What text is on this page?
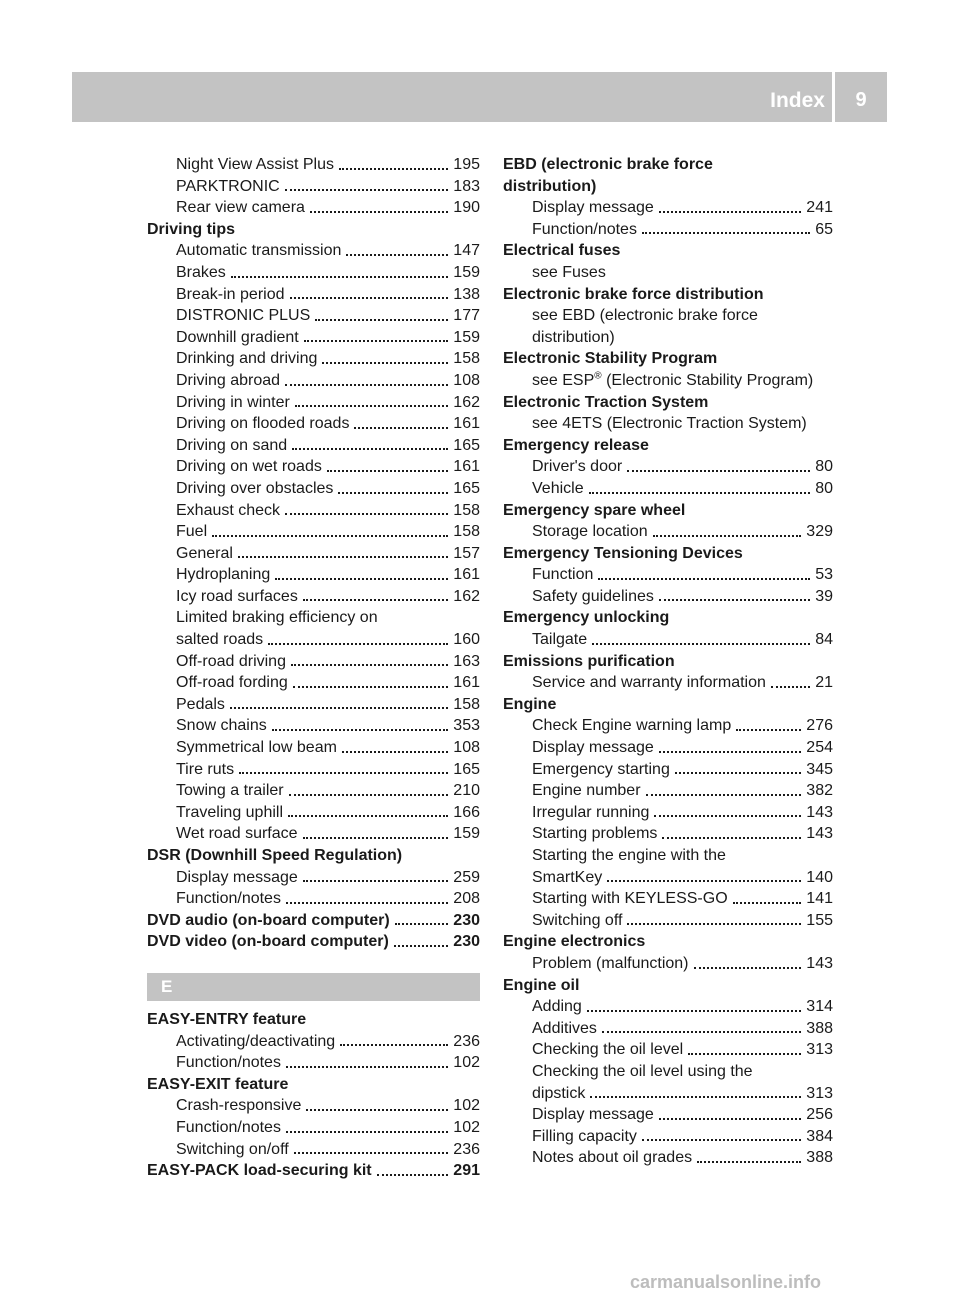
Index	9
Night View Assist Plus	195
PARKTRONIC	183
Rear view camera	190
Driving tips
Automatic transmission	147
Brakes	159
Break-in period	138
DISTRONIC PLUS	177
Downhill gradient	159
Drinking and driving	158
Driving abroad	108
Driving in winter	162
Driving on flooded roads	161
Driving on sand	165
Driving on wet roads	161
Driving over obstacles	165
Exhaust check	158
Fuel	158
General	157
Hydroplaning	161
Icy road surfaces	162
Limited braking efficiency on
salted roads	160
Off-road driving	163
Off-road fording	161
Pedals	158
Snow chains	353
Symmetrical low beam	108
Tire ruts	165
Towing a trailer	210
Traveling uphill	166
Wet road surface	159
DSR (Downhill Speed Regulation)
Display message	259
Function/notes	208
DVD audio (on-board computer)	230
DVD video (on-board computer)	230
E
EASY-ENTRY feature
Activating/deactivating	236
Function/notes	102
EASY-EXIT feature
Crash-responsive	102
Function/notes	102
Switching on/off	236
EASY-PACK load-securing kit	291
EBD (electronic brake force
distribution)
Display message	241
Function/notes	65
Electrical fuses
see Fuses
Electronic brake force distribution
see EBD (electronic brake force
distribution)
Electronic Stability Program
see ESP® (Electronic Stability Program)
Electronic Traction System
see 4ETS (Electronic Traction System)
Emergency release
Driver's door	80
Vehicle	80
Emergency spare wheel
Storage location	329
Emergency Tensioning Devices
Function	53
Safety guidelines	39
Emergency unlocking
Tailgate	84
Emissions purification
Service and warranty information	21
Engine
Check Engine warning lamp	276
Display message	254
Emergency starting	345
Engine number	382
Irregular running	143
Starting problems	143
Starting the engine with the
SmartKey	140
Starting with KEYLESS-GO	141
Switching off	155
Engine electronics
Problem (malfunction)	143
Engine oil
Adding	314
Additives	388
Checking the oil level	313
Checking the oil level using the
dipstick	313
Display message	256
Filling capacity	384
Notes about oil grades	388
carmanualsonline.info
